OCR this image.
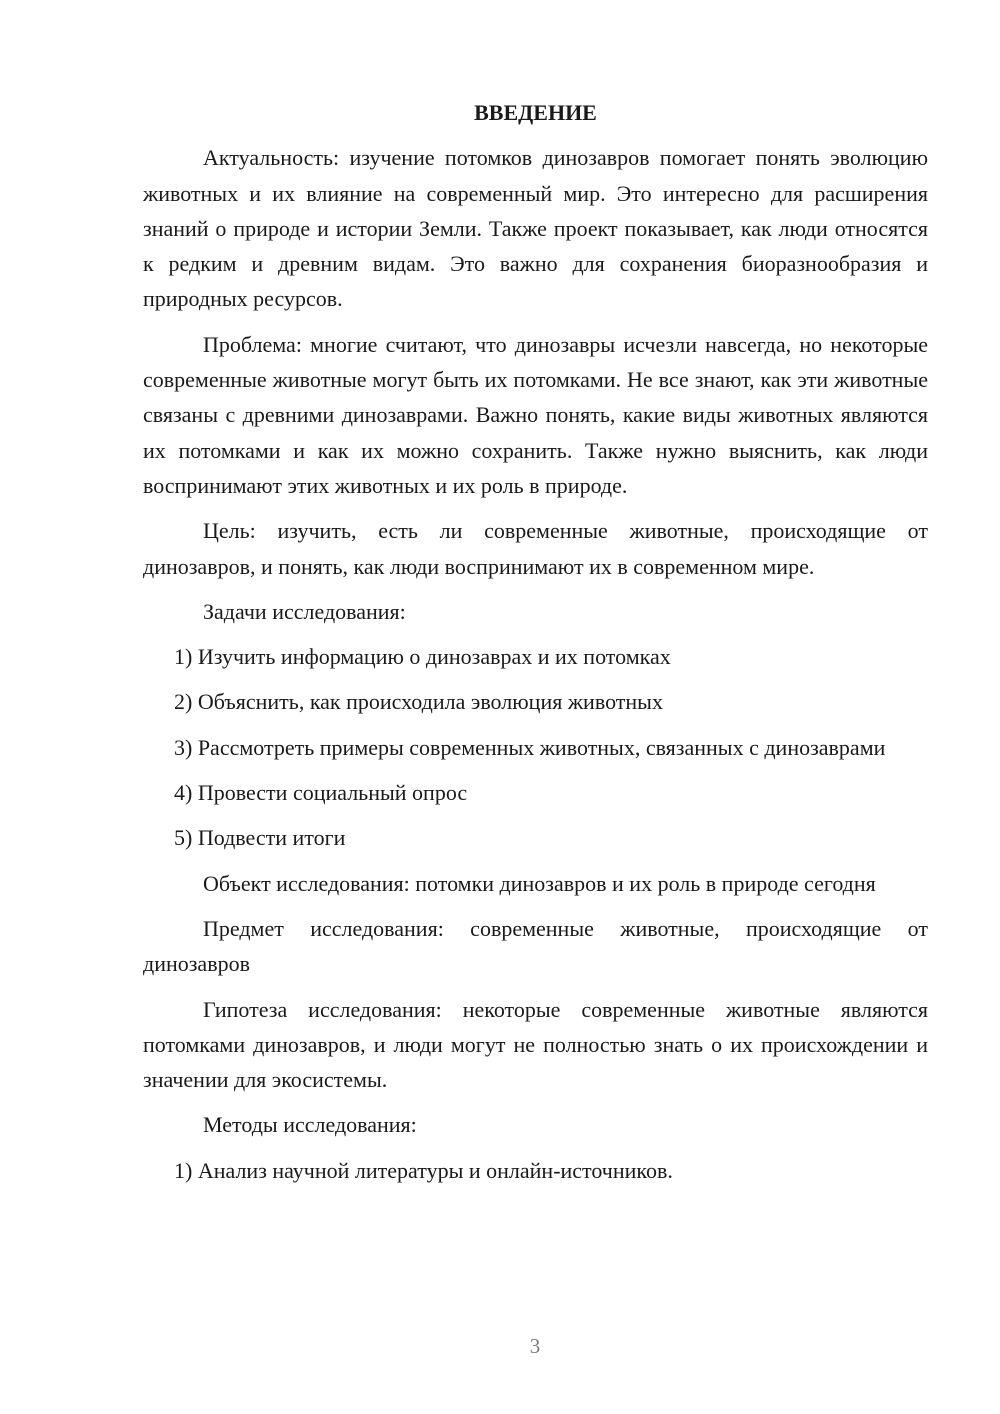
ВВЕДЕНИЕ
Актуальность: изучение потомков динозавров помогает понять эволюцию животных и их влияние на современный мир. Это интересно для расширения знаний о природе и истории Земли. Также проект показывает, как люди относятся к редким и древним видам. Это важно для сохранения биоразнообразия и природных ресурсов.
Проблема: многие считают, что динозавры исчезли навсегда, но некоторые современные животные могут быть их потомками. Не все знают, как эти животные связаны с древними динозаврами. Важно понять, какие виды животных являются их потомками и как их можно сохранить. Также нужно выяснить, как люди воспринимают этих животных и их роль в природе.
Цель: изучить, есть ли современные животные, происходящие от динозавров, и понять, как люди воспринимают их в современном мире.
Задачи исследования:
1) Изучить информацию о динозаврах и их потомках
2) Объяснить, как происходила эволюция животных
3) Рассмотреть примеры современных животных, связанных с динозаврами
4) Провести социальный опрос
5) Подвести итоги
Объект исследования: потомки динозавров и их роль в природе сегодня
Предмет исследования: современные животные, происходящие от динозавров
Гипотеза исследования: некоторые современные животные являются потомками динозавров, и люди могут не полностью знать о их происхождении и значении для экосистемы.
Методы исследования:
1) Анализ научной литературы и онлайн-источников.
3
